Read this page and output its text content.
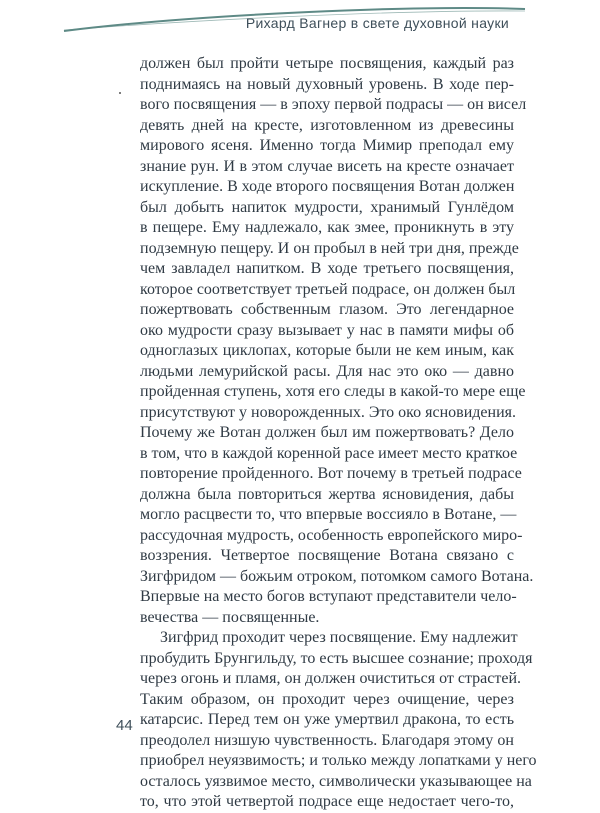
Рихард Вагнер в свете духовной науки
должен был пройти четыре посвящения, каждый раз
поднимаясь на новый духовный уровень. В ходе пер-
вого посвящения — в эпоху первой подрасы — он висел
девять дней на кресте, изготовленном из древесины
мирового ясеня. Именно тогда Мимир преподал ему
знание рун. И в этом случае висеть на кресте означает
искупление. В ходе второго посвящения Вотан должен
был добыть напиток мудрости, хранимый Гунлёдом
в пещере. Ему надлежало, как змее, проникнуть в эту
подземную пещеру. И он пробыл в ней три дня, прежде
чем завладел напитком. В ходе третьего посвящения,
которое соответствует третьей подрасе, он должен был
пожертвовать собственным глазом. Это легендарное
око мудрости сразу вызывает у нас в памяти мифы об
одноглазых циклопах, которые были не кем иным, как
людьми лемурийской расы. Для нас это око — давно
пройденная ступень, хотя его следы в какой-то мере еще
присутствуют у новорожденных. Это око ясновидения.
Почему же Вотан должен был им пожертвовать? Дело
в том, что в каждой коренной расе имеет место краткое
повторение пройденного. Вот почему в третьей подрасе
должна была повториться жертва ясновидения, дабы
могло расцвести то, что впервые воссияло в Вотане, —
рассудочная мудрость, особенность европейского миро-
воззрения. Четвертое посвящение Вотана связано с
Зигфридом — божьим отроком, потомком самого Вотана.
Впервые на место богов вступают представители чело-
вечества — посвященные.
Зигфрид проходит через посвящение. Ему надлежит
пробудить Брунгильду, то есть высшее сознание; проходя
через огонь и пламя, он должен очиститься от страстей.
Таким образом, он проходит через очищение, через
катарсис. Перед тем он уже умертвил дракона, то есть
преодолел низшую чувственность. Благодаря этому он
приобрел неуязвимость; и только между лопатками у него
осталось уязвимое место, символически указывающее на
то, что этой четвертой подрасе еще недостает чего-то,
44
